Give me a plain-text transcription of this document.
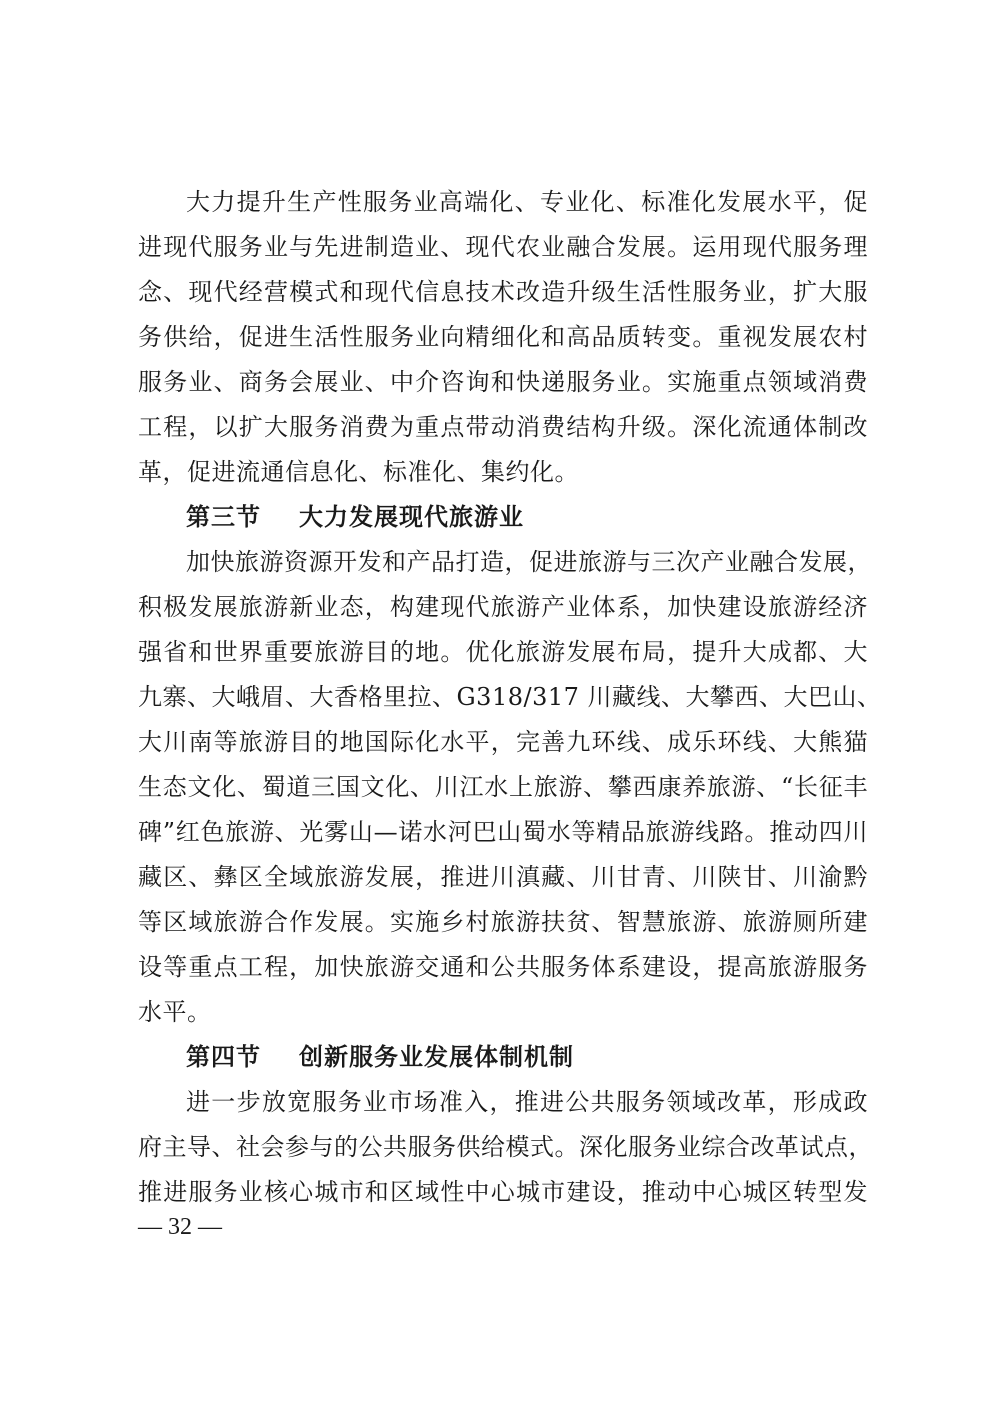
大力提升生产性服务业高端化、专业化、标准化发展水平，促
进现代服务业与先进制造业、现代农业融合发展。运用现代服务理
念、现代经营模式和现代信息技术改造升级生活性服务业，扩大服
务供给，促进生活性服务业向精细化和高品质转变。重视发展农村
服务业、商务会展业、中介咨询和快递服务业。实施重点领域消费
工程，以扩大服务消费为重点带动消费结构升级。深化流通体制改
革，促进流通信息化、标准化、集约化。
第三节 大力发展现代旅游业
加快旅游资源开发和产品打造，促进旅游与三次产业融合发展，
积极发展旅游新业态，构建现代旅游产业体系，加快建设旅游经济
强省和世界重要旅游目的地。优化旅游发展布局，提升大成都、大
九寨、大峨眉、大香格里拉、G318/317 川藏线、大攀西、大巴山、
大川南等旅游目的地国际化水平，完善九环线、成乐环线、大熊猫
生态文化、蜀道三国文化、川江水上旅游、攀西康养旅游、“长征丰
碑”红色旅游、光雾山—诺水河巴山蜀水等精品旅游线路。推动四川
藏区、彝区全域旅游发展，推进川滇藏、川甘青、川陕甘、川渝黔
等区域旅游合作发展。实施乡村旅游扶贫、智慧旅游、旅游厕所建
设等重点工程，加快旅游交通和公共服务体系建设，提高旅游服务
水平。
第四节 创新服务业发展体制机制
进一步放宽服务业市场准入，推进公共服务领域改革，形成政
府主导、社会参与的公共服务供给模式。深化服务业综合改革试点，
推进服务业核心城市和区域性中心城市建设，推动中心城区转型发
— 32 —
